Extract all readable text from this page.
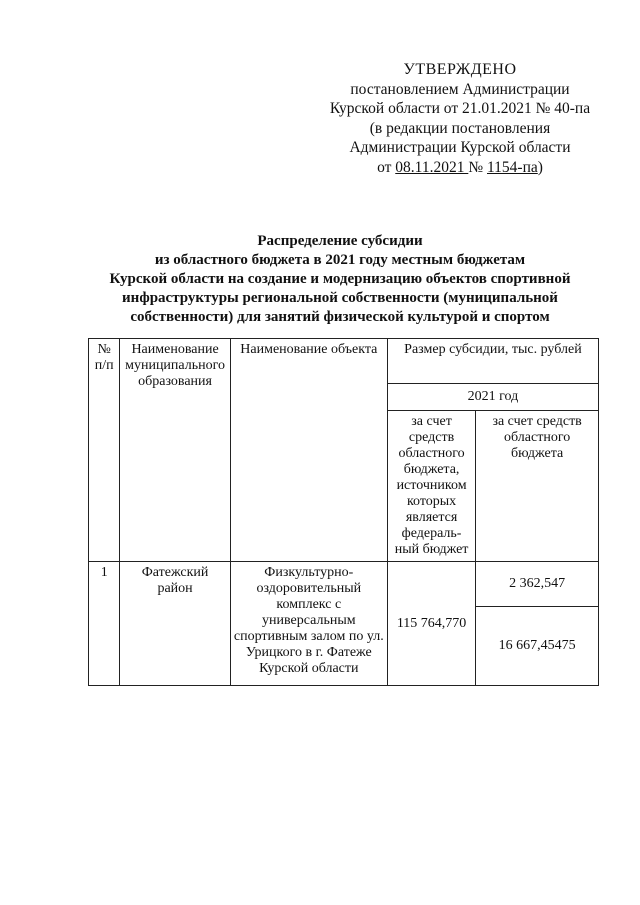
УТВЕРЖДЕНО
постановлением Администрации
Курской области от 21.01.2021 № 40-па
(в редакции постановления
Администрации Курской области
от 08.11.2021 № 1154-па)
Распределение субсидии
из областного бюджета в 2021 году местным бюджетам
Курской области на создание и модернизацию объектов спортивной
инфраструктуры региональной собственности (муниципальной
собственности) для занятий физической культурой и спортом
№ п/п	Наименование муниципального образования	Наименование объекта	Размер субсидии, тыс. рублей	
			2021 год	
			за счет средств областного бюджета, источником которых является федераль-ный бюджет	за счет средств областного бюджета
1	Фатежский район	Физкультурно-оздоровительный комплекс с универсальным спортивным залом по ул. Урицкого в г. Фатеже Курской области	115 764,770	2 362,547
				16 667,45475
